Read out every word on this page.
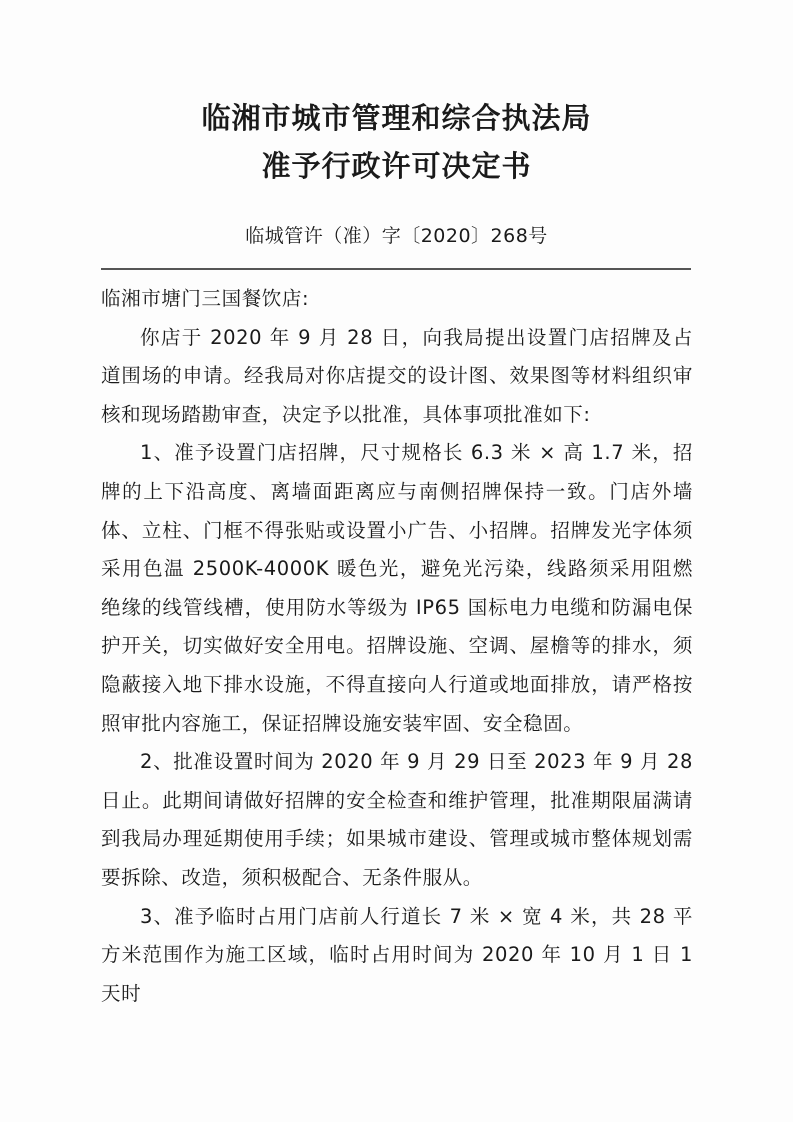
临湘市城市管理和综合执法局
准予行政许可决定书
临城管许（准）字〔2020〕268号

临湘市塘门三国餐饮店:

你店于 2020 年 9 月 28 日，向我局提出设置门店招牌及占道围场的申请。经我局对你店提交的设计图、效果图等材料组织审核和现场踏勘审查，决定予以批准，具体事项批准如下:

1、准予设置门店招牌，尺寸规格长 6.3 米 × 高 1.7 米，招牌的上下沿高度、离墙面距离应与南侧招牌保持一致。门店外墙体、立柱、门框不得张贴或设置小广告、小招牌。招牌发光字体须采用色温 2500K-4000K 暖色光，避免光污染，线路须采用阻燃绝缘的线管线槽，使用防水等级为 IP65 国标电力电缆和防漏电保护开关，切实做好安全用电。招牌设施、空调、屋檐等的排水，须隐蔽接入地下排水设施，不得直接向人行道或地面排放，请严格按照审批内容施工，保证招牌设施安装牢固、安全稳固。

2、批准设置时间为 2020 年 9 月 29 日至 2023 年 9 月 28 日止。此期间请做好招牌的安全检查和维护管理，批准期限届满请到我局办理延期使用手续；如果城市建设、管理或城市整体规划需要拆除、改造，须积极配合、无条件服从。

3、准予临时占用门店前人行道长 7 米 × 宽 4 米，共 28 平方米范围作为施工区域，临时占用时间为 2020 年 10 月 1 日 1 天时
